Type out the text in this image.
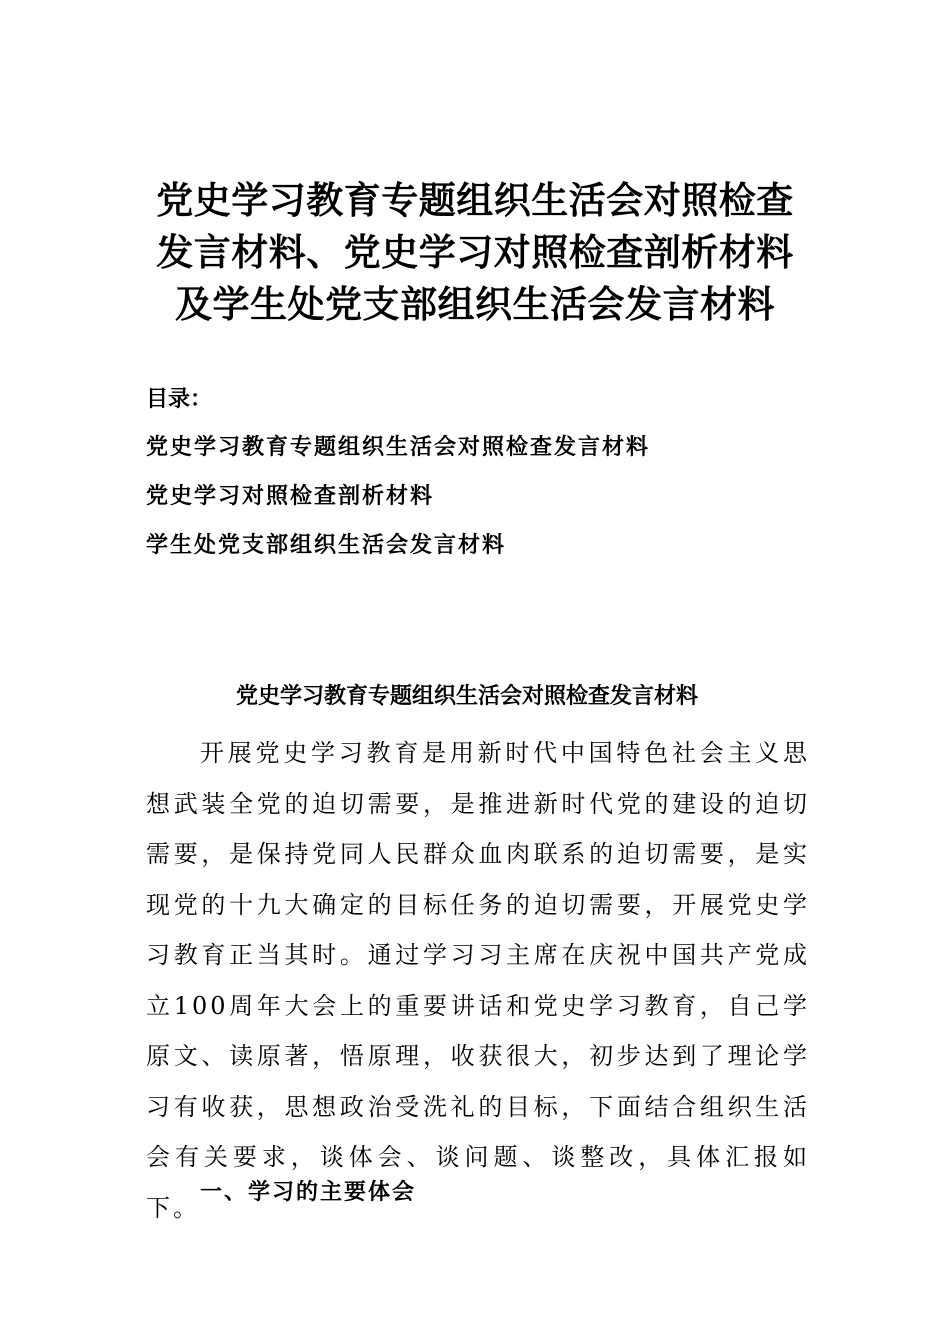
党史学习教育专题组织生活会对照检查发言材料、党史学习对照检查剖析材料及学生处党支部组织生活会发言材料
目录：
党史学习教育专题组织生活会对照检查发言材料
党史学习对照检查剖析材料
学生处党支部组织生活会发言材料
党史学习教育专题组织生活会对照检查发言材料

开展党史学习教育是用新时代中国特色社会主义思想武装全党的迫切需要，是推进新时代党的建设的迫切需要，是保持党同人民群众血肉联系的迫切需要，是实现党的十九大确定的目标任务的迫切需要，开展党史学习教育正当其时。通过学习习主席在庆祝中国共产党成立100周年大会上的重要讲话和党史学习教育，自己学原文、读原著，悟原理，收获很大，初步达到了理论学习有收获，思想政治受洗礼的目标，下面结合组织生活会有关要求，谈体会、谈问题、谈整改，具体汇报如下。

一、学习的主要体会
